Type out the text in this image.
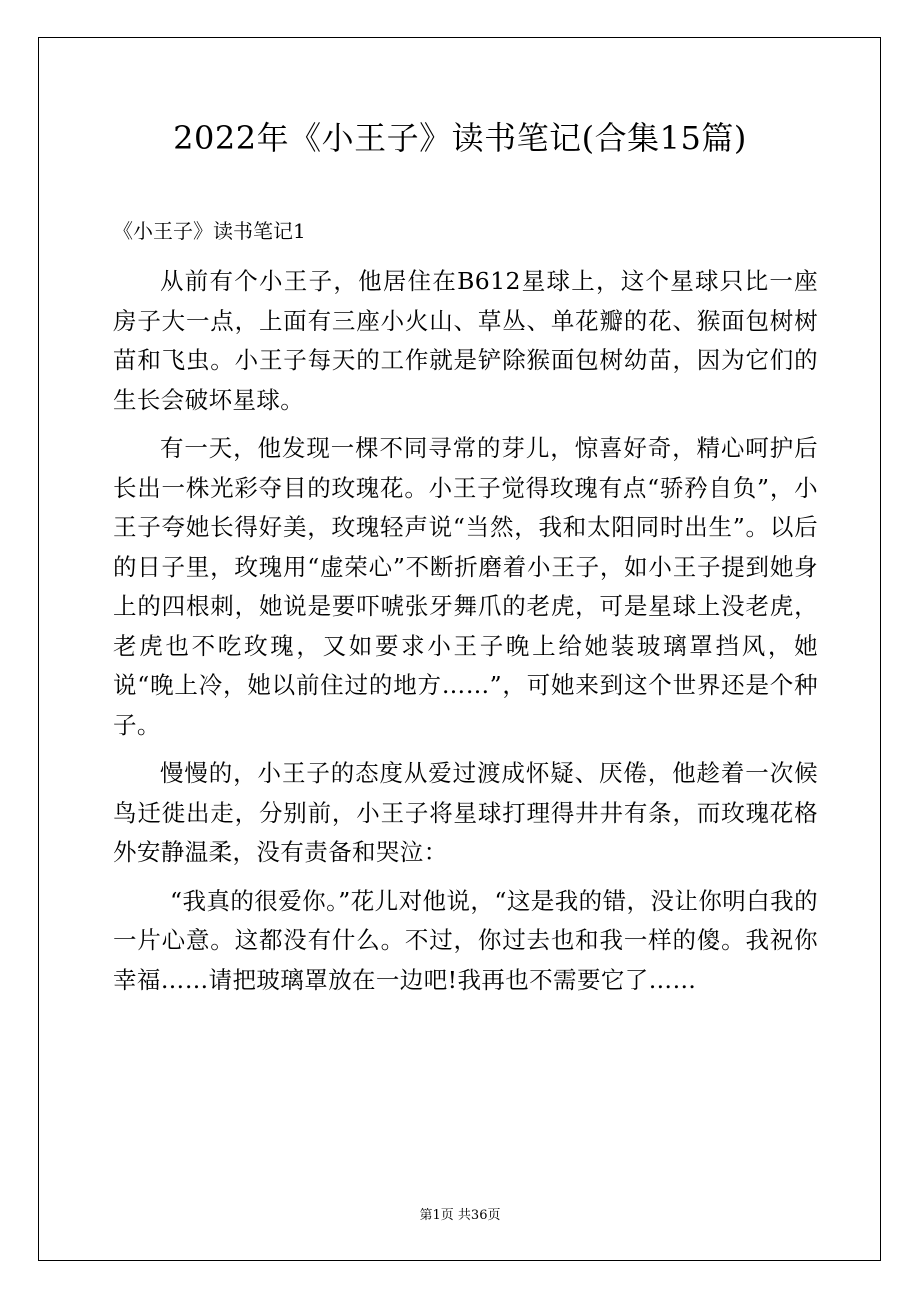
2022年《小王子》读书笔记(合集15篇)
《小王子》读书笔记1

从前有个小王子，他居住在B612星球上，这个星球只比一座房子大一点，上面有三座小火山、草丛、单花瓣的花、猴面包树树苗和飞虫。小王子每天的工作就是铲除猴面包树幼苗，因为它们的生长会破坏星球。

有一天，他发现一棵不同寻常的芽儿，惊喜好奇，精心呵护后长出一株光彩夺目的玫瑰花。小王子觉得玫瑰有点“骄矜自负”，小王子夸她长得好美，玫瑰轻声说“当然，我和太阳同时出生”。以后的日子里，玫瑰用“虚荣心”不断折磨着小王子，如小王子提到她身上的四根刺，她说是要吓唬张牙舞爪的老虎，可是星球上没老虎，老虎也不吃玫瑰，又如要求小王子晚上给她装玻璃罩挡风，她说“晚上冷，她以前住过的地方……”，可她来到这个世界还是个种子。

慢慢的，小王子的态度从爱过渡成怀疑、厌倦，他趁着一次候鸟迁徙出走，分别前，小王子将星球打理得井井有条，而玫瑰花格外安静温柔，没有责备和哭泣：

“我真的很爱你。”花儿对他说，“这是我的错，没让你明白我的一片心意。这都没有什么。不过，你过去也和我一样的傻。我祝你幸福……请把玻璃罩放在一边吧!我再也不需要它了……

第1页 共36页
